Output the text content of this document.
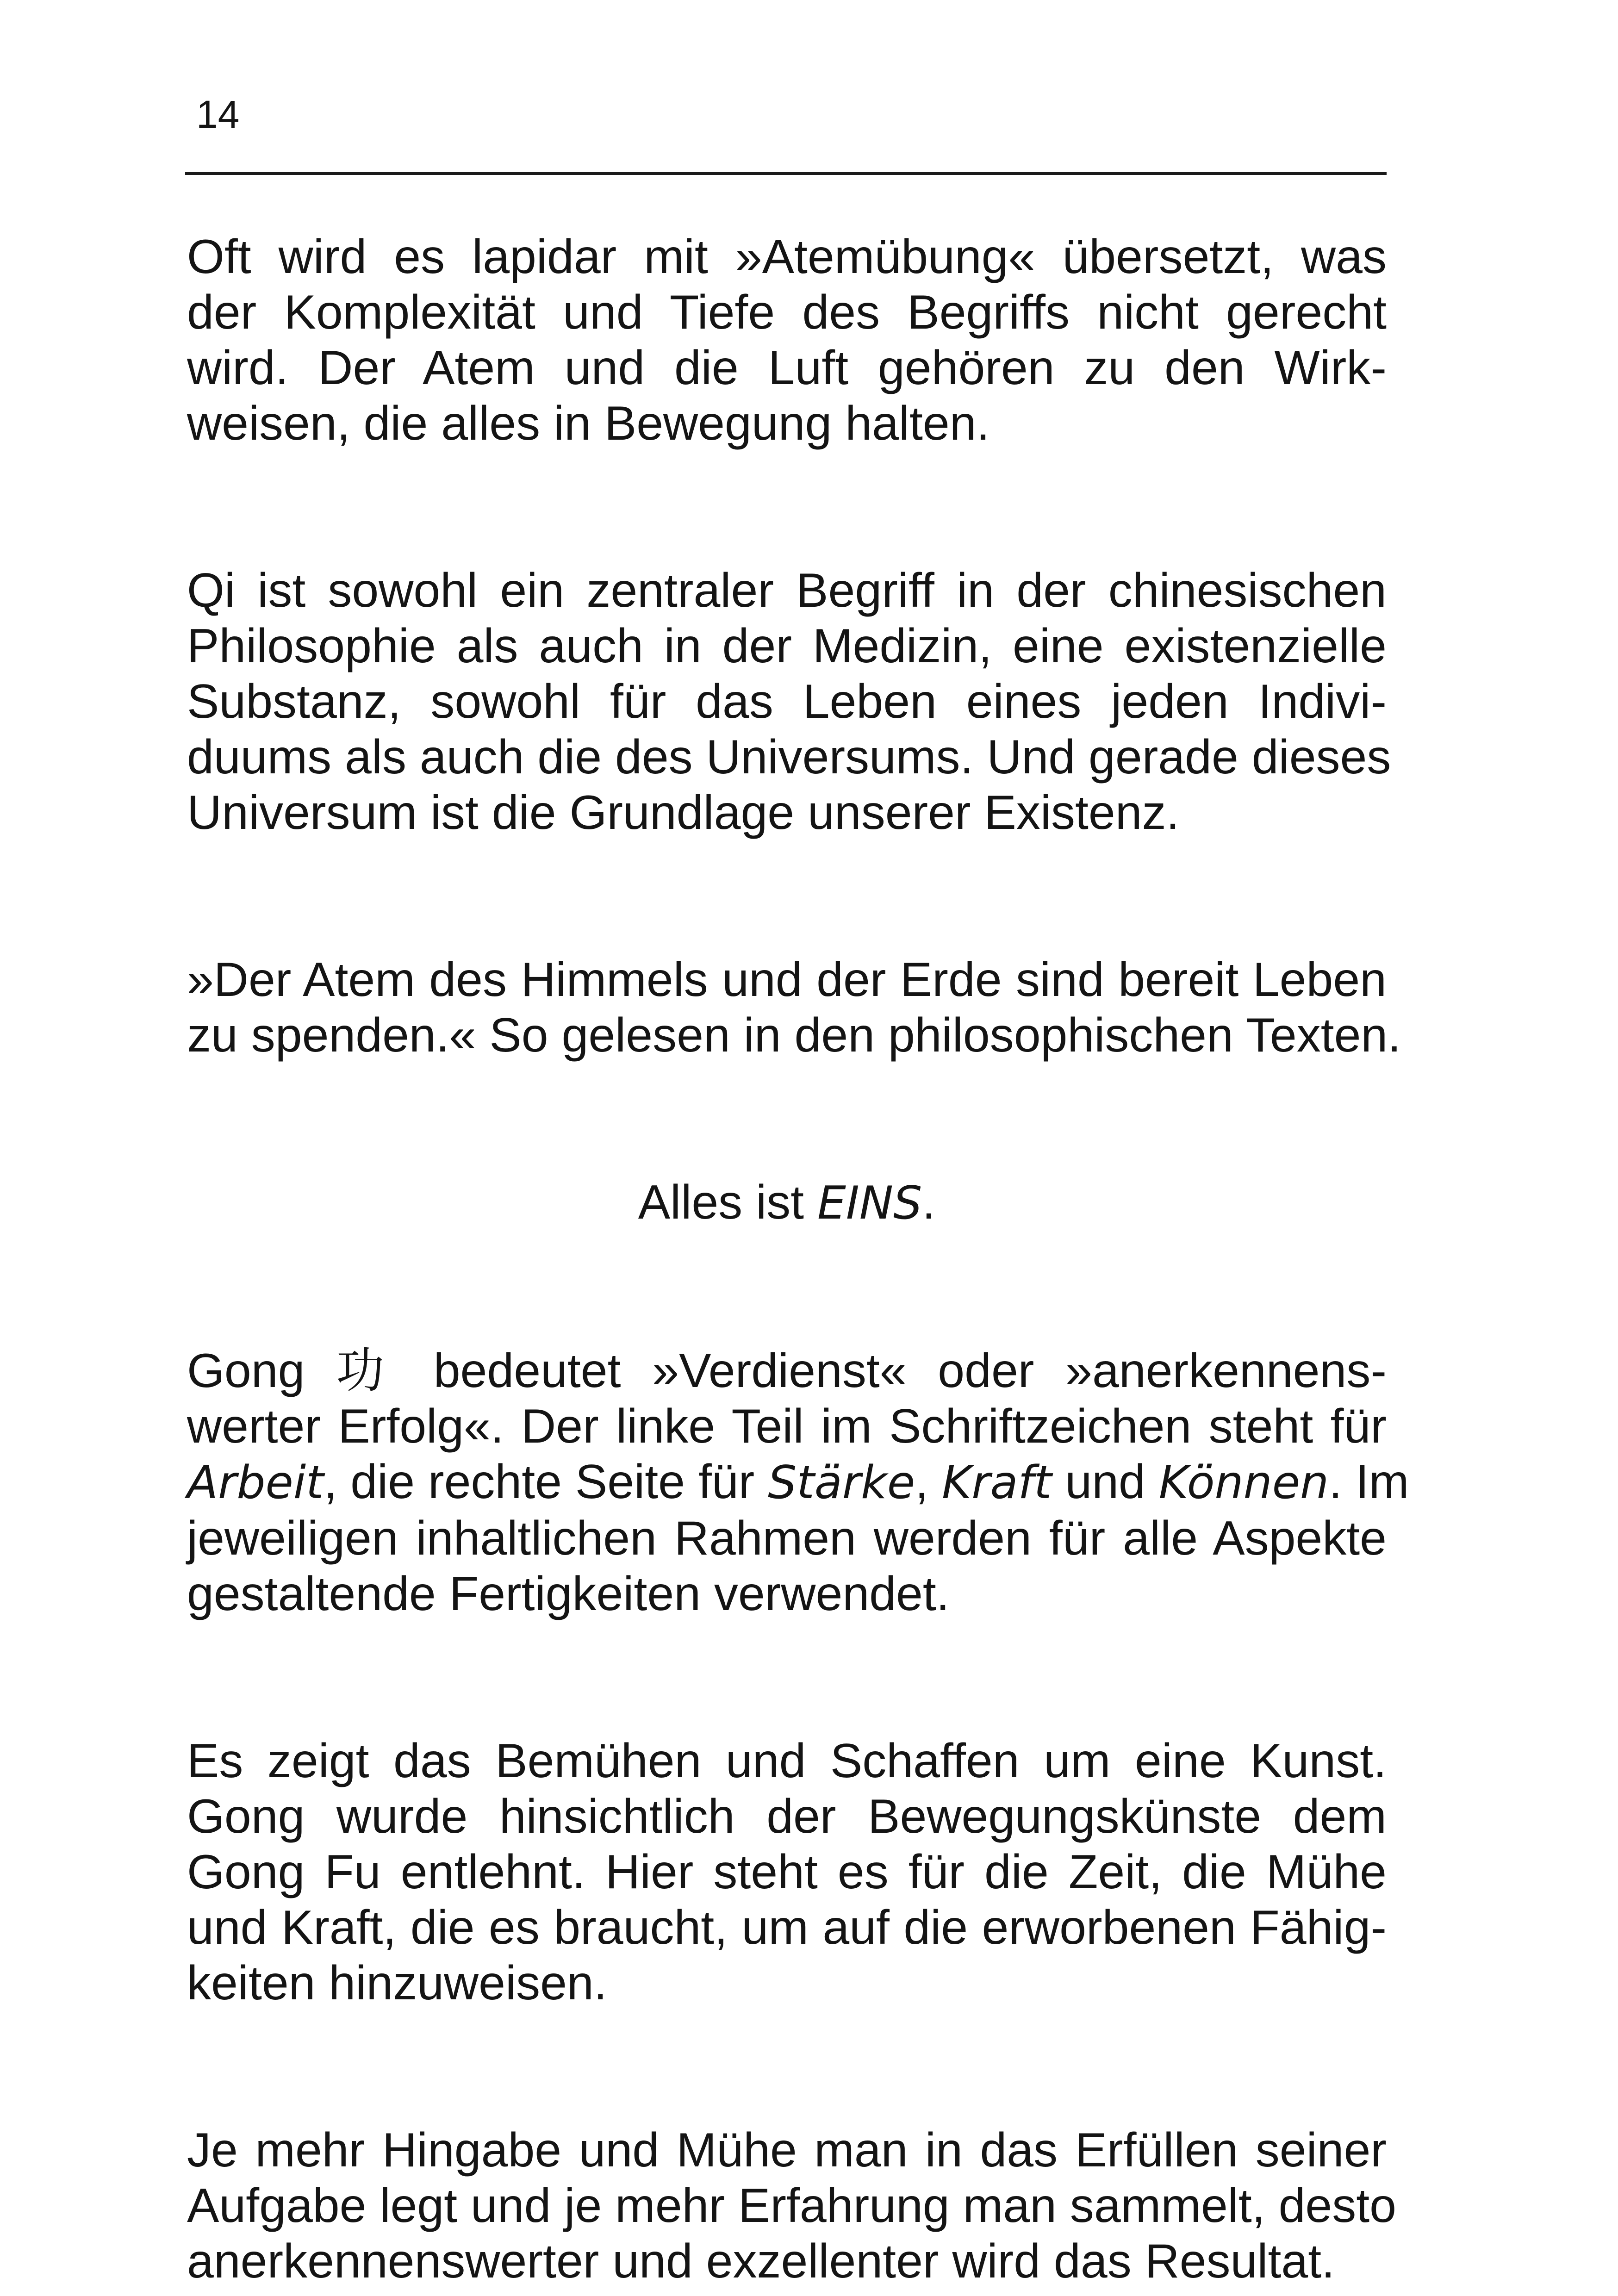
14

Oft wird es lapidar mit »Atemübung« übersetzt, was
der Komplexität und Tiefe des Begriffs nicht gerecht
wird. Der Atem und die Luft gehören zu den Wirk-
weisen, die alles in Bewegung halten.

Qi ist sowohl ein zentraler Begriff in der chinesischen
Philosophie als auch in der Medizin, eine existenzielle
Substanz, sowohl für das Leben eines jeden Indivi-
duums als auch die des Universums. Und gerade dieses
Universum ist die Grundlage unserer Existenz.

»Der Atem des Himmels und der Erde sind bereit Leben
zu spenden.« So gelesen in den philosophischen Texten.

Alles ist EINS.

Gong 功 bedeutet »Verdienst« oder »anerkennens-
werter Erfolg«. Der linke Teil im Schriftzeichen steht für
Arbeit, die rechte Seite für Stärke, Kraft und Können. Im
jeweiligen inhaltlichen Rahmen werden für alle Aspekte
gestaltende Fertigkeiten verwendet.

Es zeigt das Bemühen und Schaffen um eine Kunst.
Gong wurde hinsichtlich der Bewegungskünste dem
Gong Fu entlehnt. Hier steht es für die Zeit, die Mühe
und Kraft, die es braucht, um auf die erworbenen Fähig-
keiten hinzuweisen.

Je mehr Hingabe und Mühe man in das Erfüllen seiner
Aufgabe legt und je mehr Erfahrung man sammelt, desto
anerkennenswerter und exzellenter wird das Resultat.
